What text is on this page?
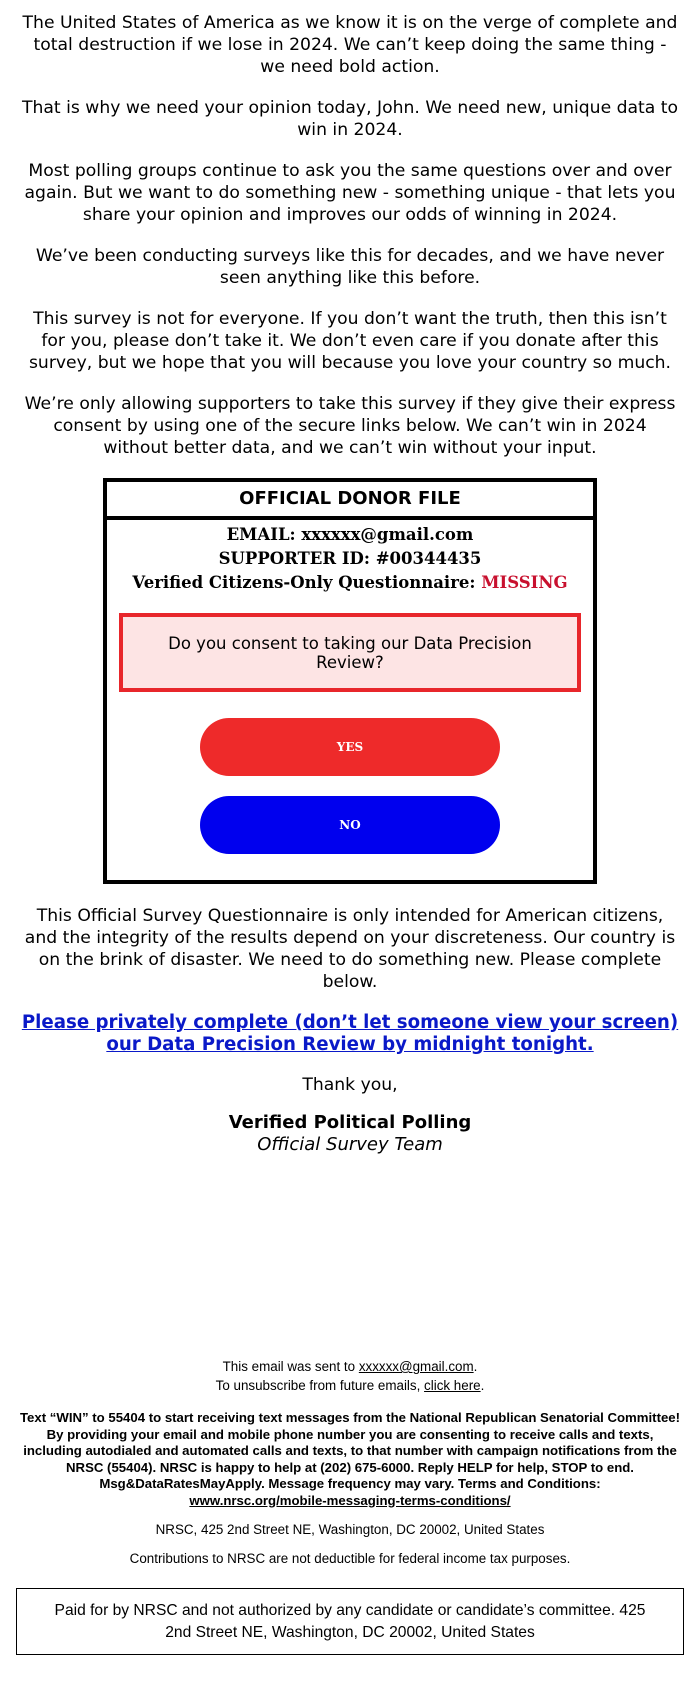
The United States of America as we know it is on the verge of complete and total destruction if we lose in 2024. We can’t keep doing the same thing - we need bold action.

That is why we need your opinion today, John. We need new, unique data to win in 2024.

Most polling groups continue to ask you the same questions over and over again. But we want to do something new - something unique - that lets you share your opinion and improves our odds of winning in 2024.

We’ve been conducting surveys like this for decades, and we have never seen anything like this before.

This survey is not for everyone. If you don’t want the truth, then this isn’t for you, please don’t take it. We don’t even care if you donate after this survey, but we hope that you will because you love your country so much.

We’re only allowing supporters to take this survey if they give their express consent by using one of the secure links below. We can’t win in 2024 without better data, and we can’t win without your input.

OFFICIAL DONOR FILE
EMAIL: xxxxxx@gmail.com
SUPPORTER ID: #00344435
Verified Citizens-Only Questionnaire: MISSING
Do you consent to taking our Data Precision Review?
YES
NO

This Official Survey Questionnaire is only intended for American citizens, and the integrity of the results depend on your discreteness. Our country is on the brink of disaster. We need to do something new. Please complete below.

Please privately complete (don’t let someone view your screen) our Data Precision Review by midnight tonight.
Thank you,
Verified Political Polling
Official Survey Team
This email was sent to xxxxxx@gmail.com.
To unsubscribe from future emails, click here.
Text “WIN” to 55404 to start receiving text messages from the National Republican Senatorial Committee! By providing your email and mobile phone number you are consenting to receive calls and texts, including autodialed and automated calls and texts, to that number with campaign notifications from the NRSC (55404). NRSC is happy to help at (202) 675-6000. Reply HELP for help, STOP to end. Msg&DataRatesMayApply. Message frequency may vary. Terms and Conditions:
www.nrsc.org/mobile-messaging-terms-conditions/
NRSC, 425 2nd Street NE, Washington, DC 20002, United States
Contributions to NRSC are not deductible for federal income tax purposes.
Paid for by NRSC and not authorized by any candidate or candidate’s committee. 425 2nd Street NE, Washington, DC 20002, United States
